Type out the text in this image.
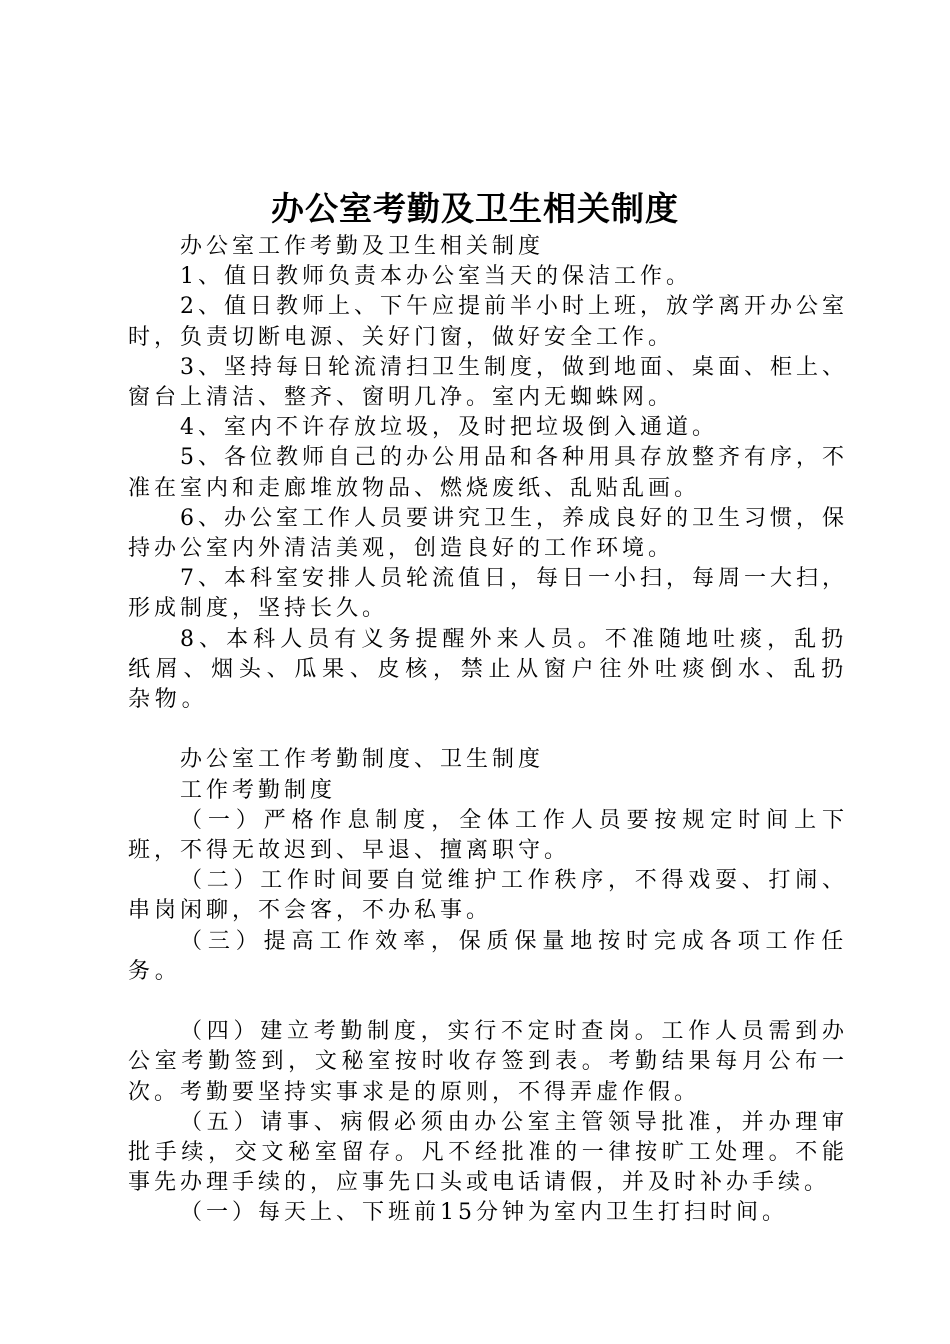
办公室考勤及卫生相关制度

办公室工作考勤及卫生相关制度

1、值日教师负责本办公室当天的保洁工作。

2、值日教师上、下午应提前半小时上班，放学离开办公室时，负责切断电源、关好门窗，做好安全工作。

3、坚持每日轮流清扫卫生制度，做到地面、桌面、柜上、窗台上清洁、整齐、窗明几净。室内无蜘蛛网。

4、室内不许存放垃圾，及时把垃圾倒入通道。

5、各位教师自己的办公用品和各种用具存放整齐有序，不准在室内和走廊堆放物品、燃烧废纸、乱贴乱画。

6、办公室工作人员要讲究卫生，养成良好的卫生习惯，保持办公室内外清洁美观，创造良好的工作环境。

7、本科室安排人员轮流值日，每日一小扫，每周一大扫，形成制度，坚持长久。

8、本科人员有义务提醒外来人员。不准随地吐痰，乱扔纸屑、烟头、瓜果、皮核，禁止从窗户往外吐痰倒水、乱扔杂物。

办公室工作考勤制度、卫生制度

工作考勤制度

（一）严格作息制度，全体工作人员要按规定时间上下班，不得无故迟到、早退、擅离职守。

（二）工作时间要自觉维护工作秩序，不得戏耍、打闹、串岗闲聊，不会客，不办私事。

（三）提高工作效率，保质保量地按时完成各项工作任务。

（四）建立考勤制度，实行不定时查岗。工作人员需到办公室考勤签到，文秘室按时收存签到表。考勤结果每月公布一次。考勤要坚持实事求是的原则，不得弄虚作假。

（五）请事、病假必须由办公室主管领导批准，并办理审批手续，交文秘室留存。凡不经批准的一律按旷工处理。不能事先办理手续的，应事先口头或电话请假，并及时补办手续。

（一）每天上、下班前15分钟为室内卫生打扫时间。
